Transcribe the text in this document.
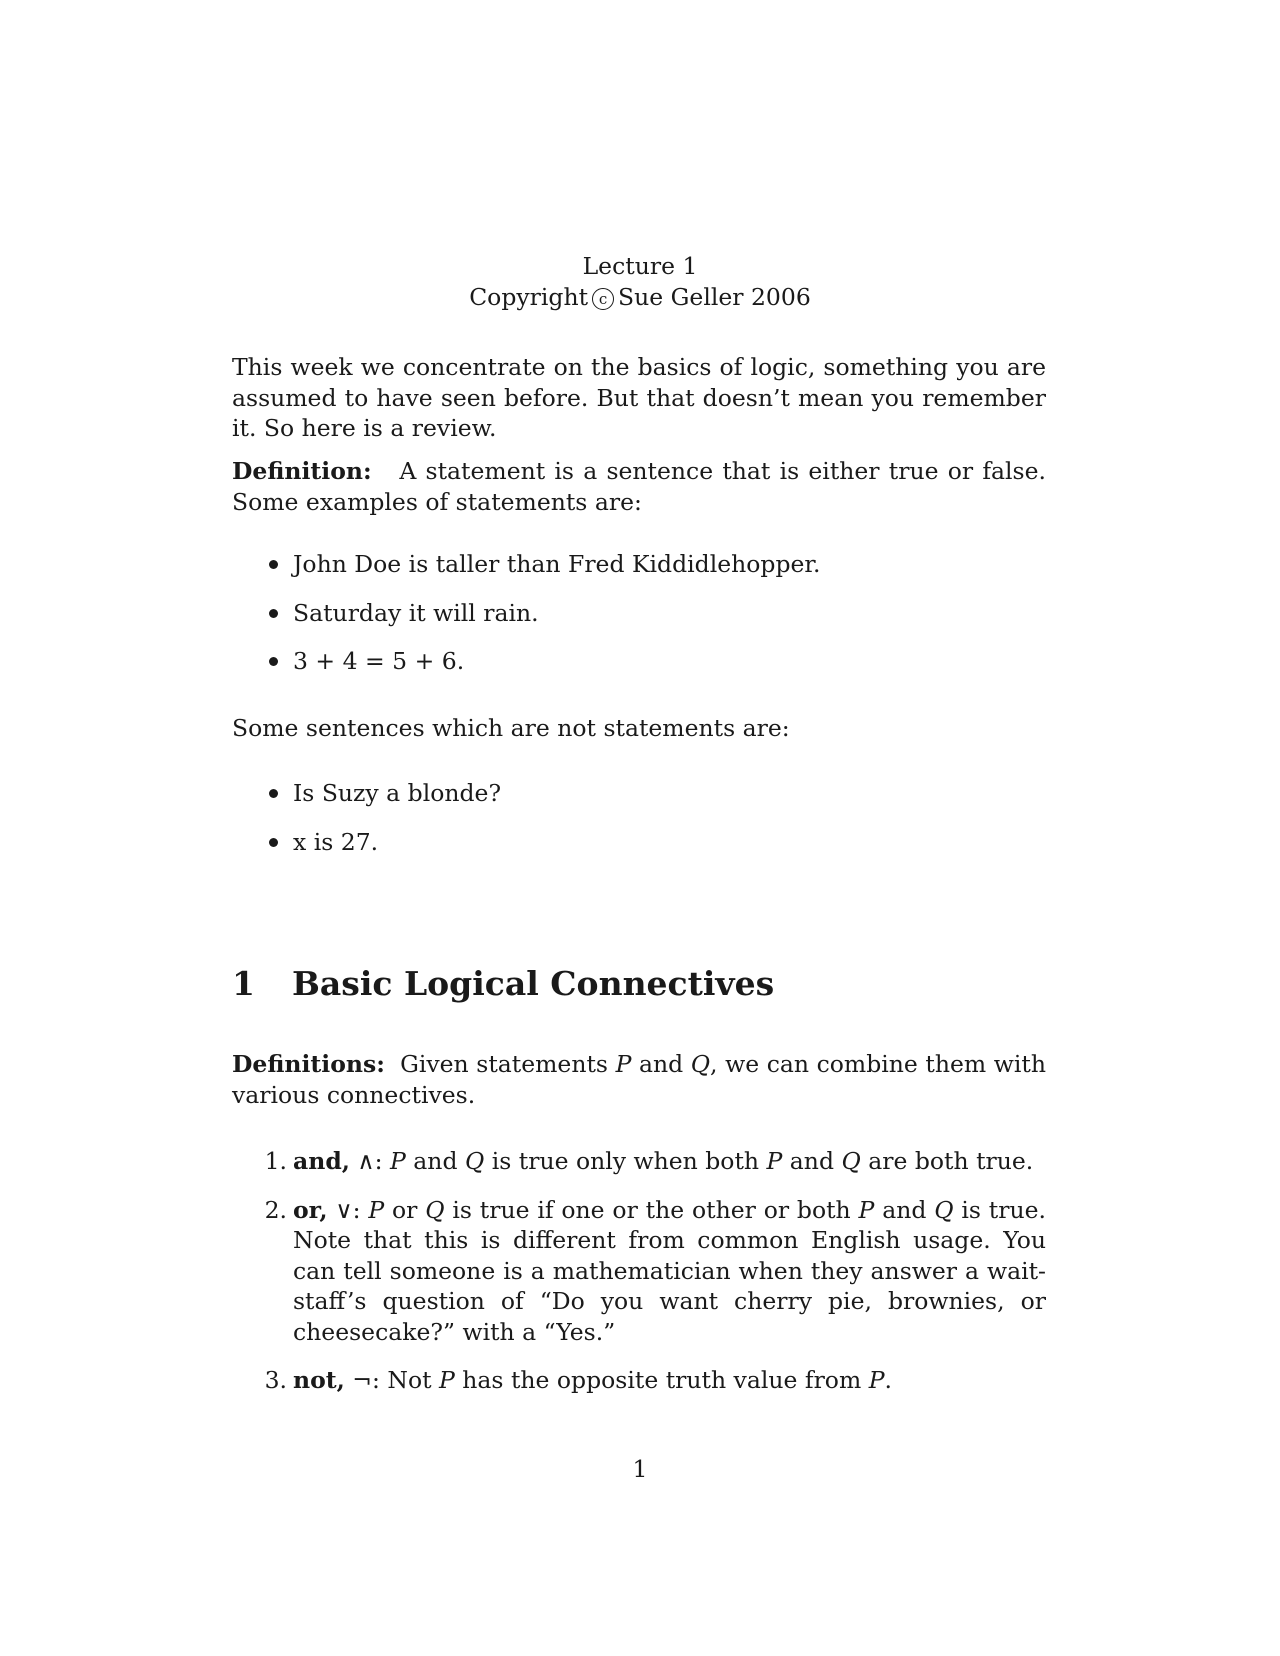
Lecture 1
Copyright c Sue Geller 2006

This week we concentrate on the basics of logic, something you are assumed to have seen before. But that doesn’t mean you remember it. So here is a review.

Definition: A statement is a sentence that is either true or false. Some examples of statements are:

John Doe is taller than Fred Kiddidlehopper.
Saturday it will rain.
3 + 4 = 5 + 6.

Some sentences which are not statements are:

Is Suzy a blonde?
x is 27.
1 Basic Logical Connectives

Definitions: Given statements P and Q, we can combine them with various connectives.

1. and, ∧: P and Q is true only when both P and Q are both true.
2. or, ∨: P or Q is true if one or the other or both P and Q is true. Note that this is different from common English usage. You can tell someone is a mathematician when they answer a wait-staff’s question of “Do you want cherry pie, brownies, or cheesecake?” with a “Yes.”
3. not, ¬: Not P has the opposite truth value from P.
1
